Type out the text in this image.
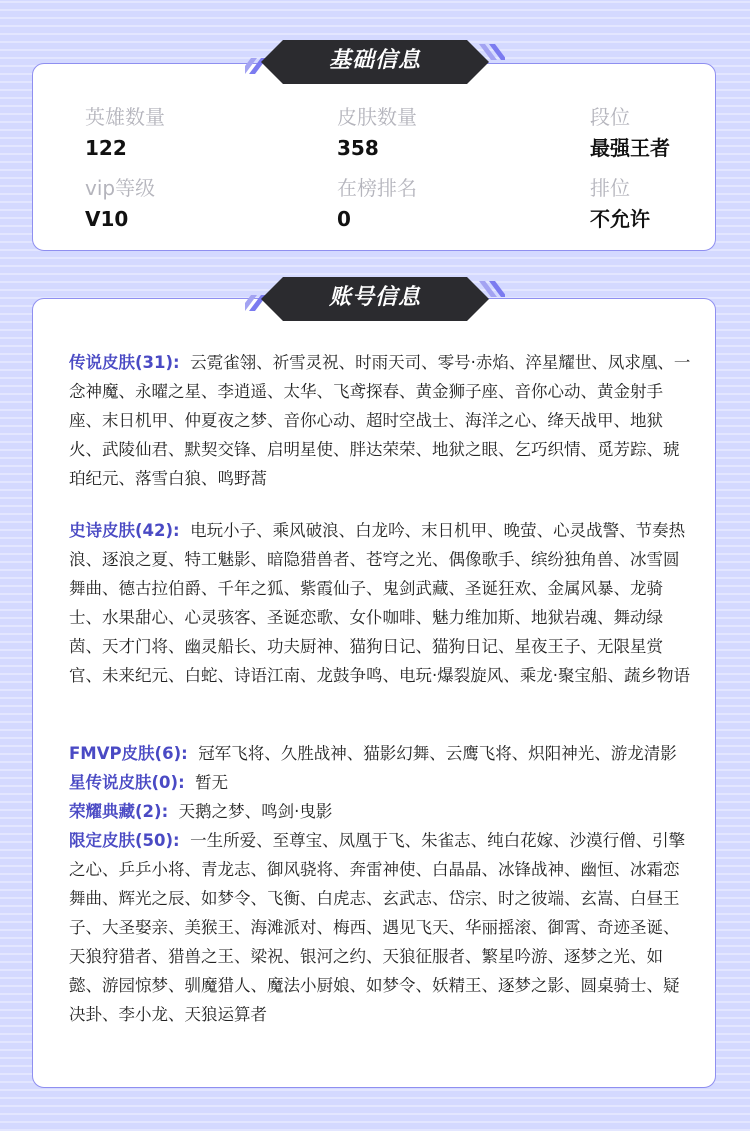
英雄数量
122
皮肤数量
358
段位
最强王者
vip等级
V10
在榜排名
0
排位
不允许
基础信息

传说皮肤(31): 云霓雀翎、祈雪灵祝、时雨天司、零号·赤焰、淬星耀世、凤求凰、一念神魔、永曜之星、李逍遥、太华、飞鸢探春、黄金狮子座、音你心动、黄金射手座、末日机甲、仲夏夜之梦、音你心动、超时空战士、海洋之心、绛天战甲、地狱火、武陵仙君、默契交锋、启明星使、胖达荣荣、地狱之眼、乞巧织情、觅芳踪、琥珀纪元、落雪白狼、鸣野蒿

史诗皮肤(42): 电玩小子、乘风破浪、白龙吟、末日机甲、晚萤、心灵战警、节奏热浪、逐浪之夏、特工魅影、暗隐猎兽者、苍穹之光、偶像歌手、缤纷独角兽、冰雪圆舞曲、德古拉伯爵、千年之狐、紫霞仙子、鬼剑武藏、圣诞狂欢、金属风暴、龙骑士、水果甜心、心灵骇客、圣诞恋歌、女仆咖啡、魅力维加斯、地狱岩魂、舞动绿茵、天才门将、幽灵船长、功夫厨神、猫狗日记、猫狗日记、星夜王子、无限星赏官、未来纪元、白蛇、诗语江南、龙鼓争鸣、电玩·爆裂旋风、乘龙·聚宝船、蔬乡物语

FMVP皮肤(6): 冠军飞将、久胜战神、猫影幻舞、云鹰飞将、炽阳神光、游龙清影

星传说皮肤(0): 暂无

荣耀典藏(2): 天鹅之梦、鸣剑·曳影

限定皮肤(50): 一生所爱、至尊宝、凤凰于飞、朱雀志、纯白花嫁、沙漠行僧、引擎之心、乒乒小将、青龙志、御风骁将、奔雷神使、白晶晶、冰锋战神、幽恒、冰霜恋舞曲、辉光之辰、如梦令、飞衡、白虎志、玄武志、岱宗、时之彼端、玄嵩、白昼王子、大圣娶亲、美猴王、海滩派对、梅西、遇见飞天、华丽摇滚、御霄、奇迹圣诞、天狼狩猎者、猎兽之王、梁祝、银河之约、天狼征服者、繁星吟游、逐梦之光、如懿、游园惊梦、驯魔猎人、魔法小厨娘、如梦令、妖精王、逐梦之影、圆桌骑士、疑决卦、李小龙、天狼运算者

账号信息
